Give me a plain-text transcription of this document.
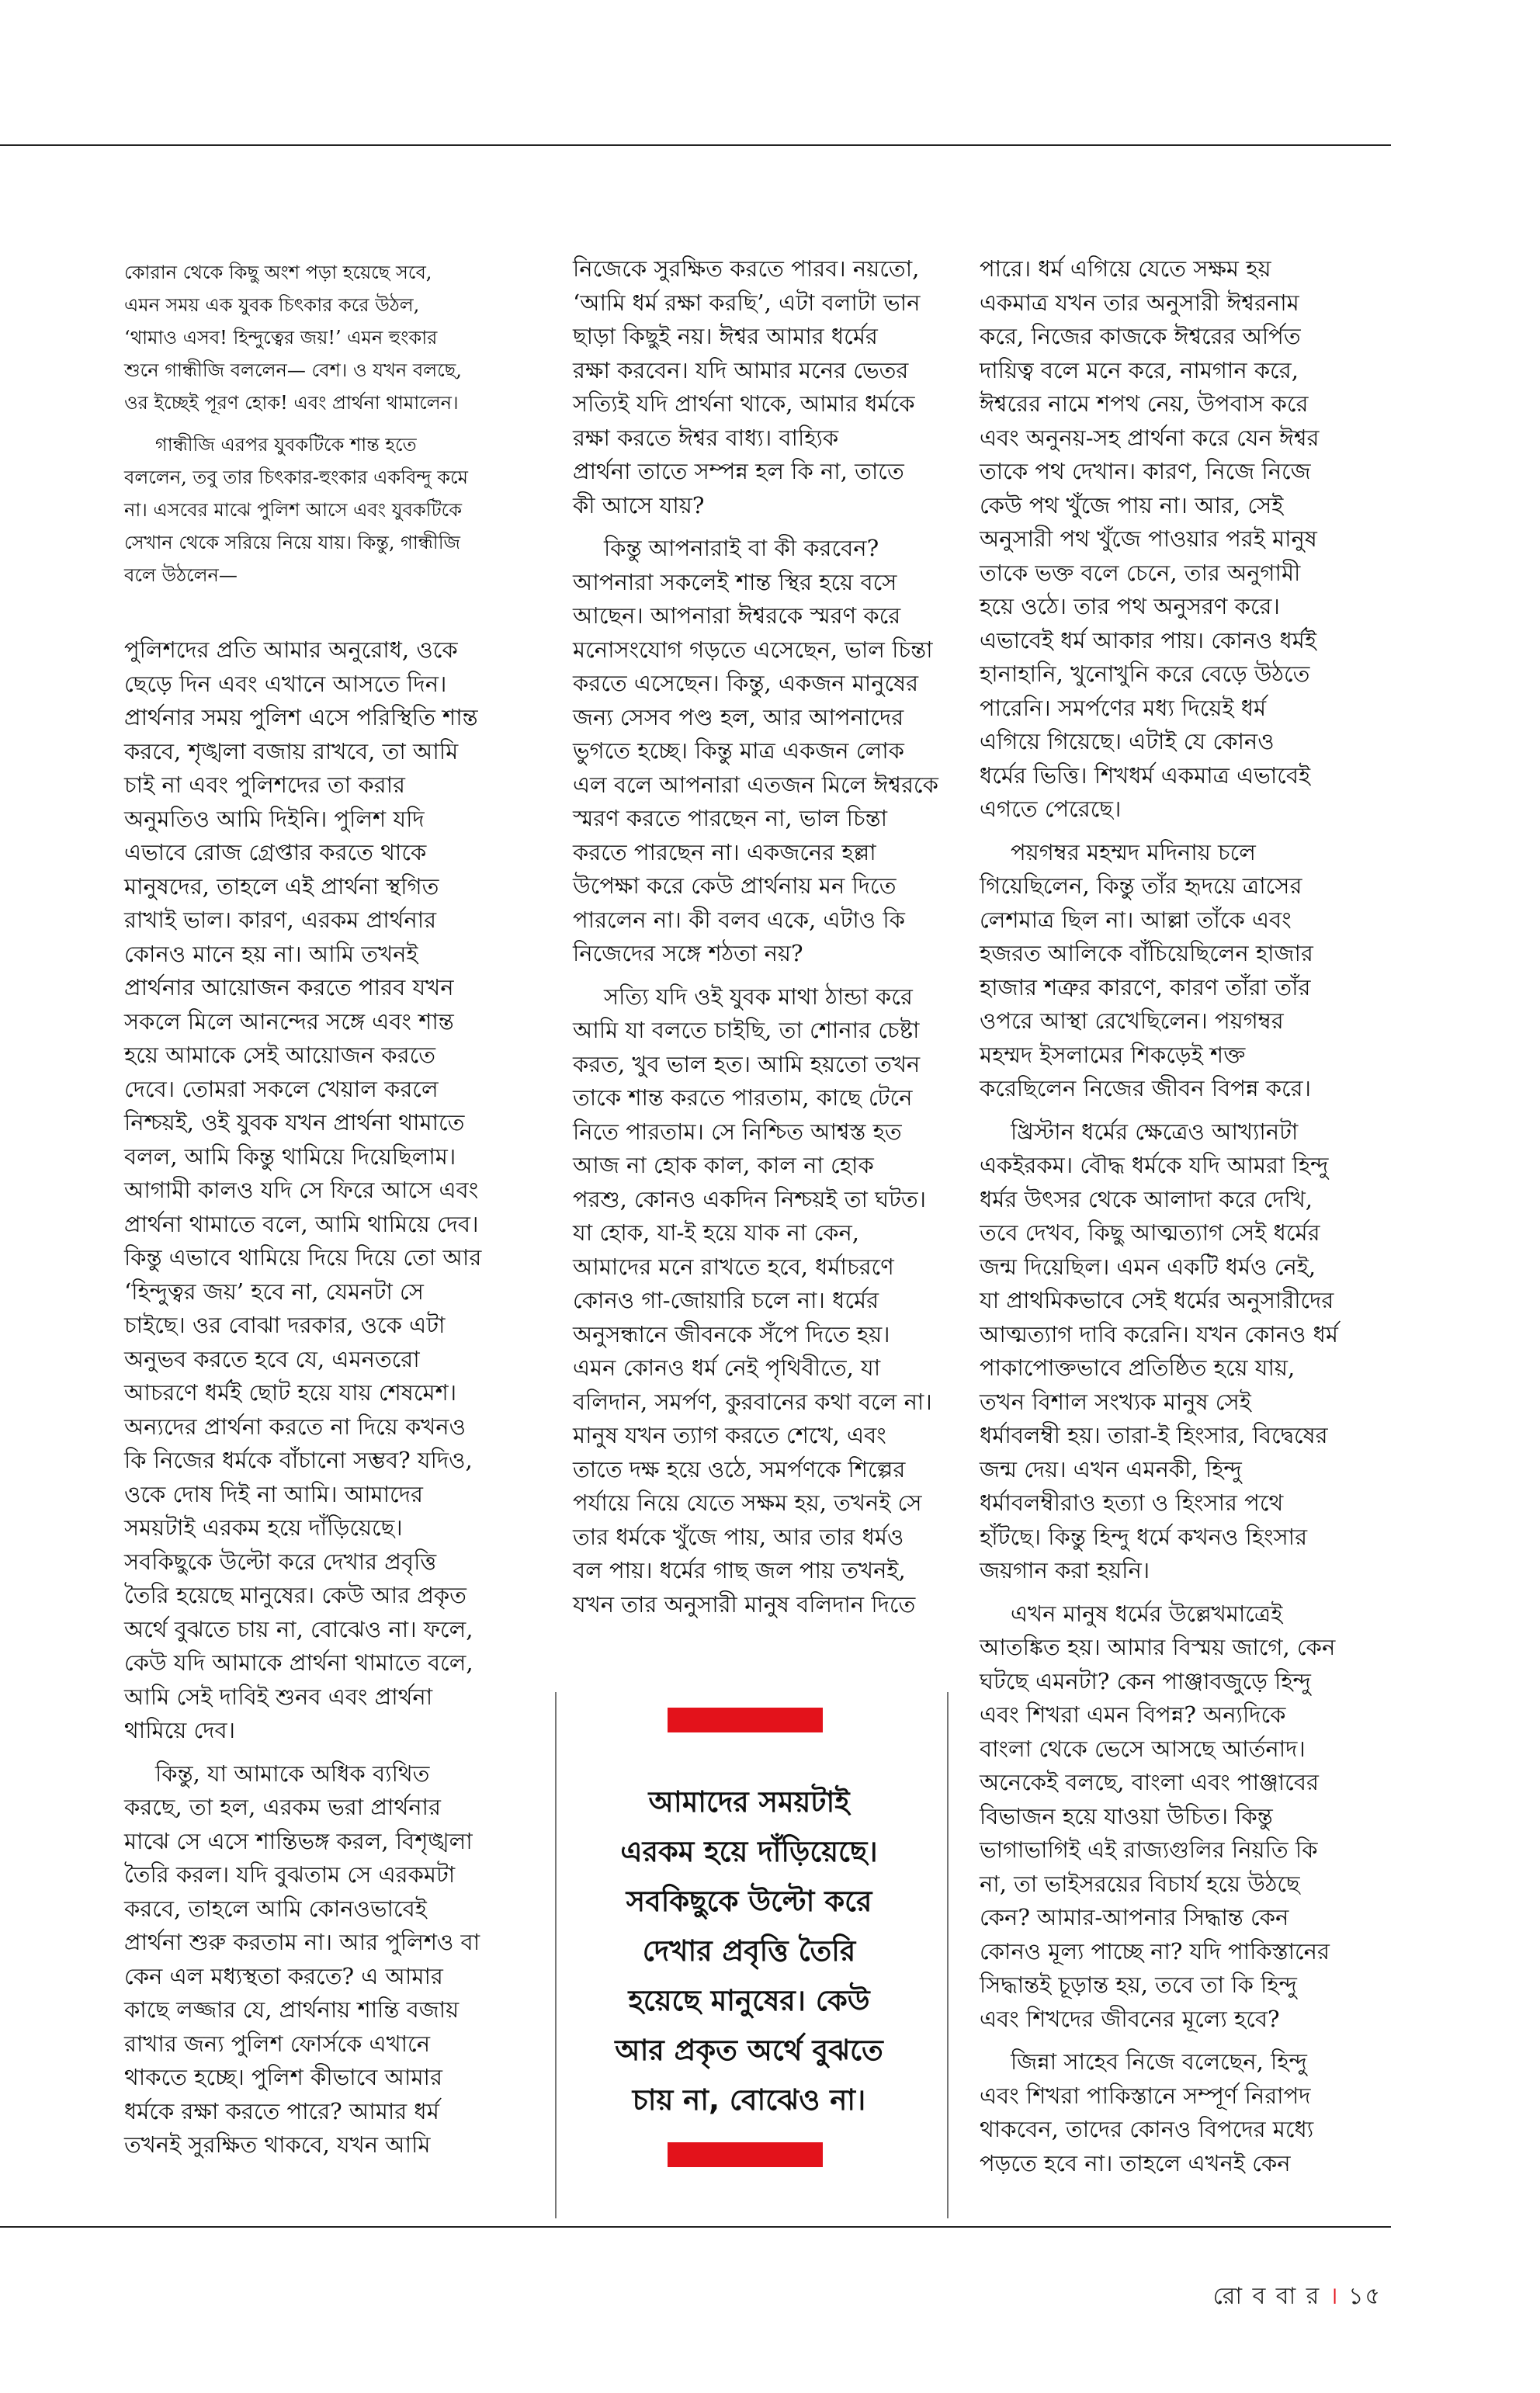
কোরান থেকে কিছু অংশ পড়া হয়েছে সবে,
এমন সময় এক যুবক চিৎকার করে উঠল,
‘থামাও এসব! হিন্দুত্বের জয়!’ এমন হুংকার
শুনে গান্ধীজি বললেন— বেশ। ও যখন বলছে,
ওর ইচ্ছেই পূরণ হোক! এবং প্রার্থনা থামালেন।

গান্ধীজি এরপর যুবকটিকে শান্ত হতে
বললেন, তবু তার চিৎকার-হুংকার একবিন্দু কমে
না। এসবের মাঝে পুলিশ আসে এবং যুবকটিকে
সেখান থেকে সরিয়ে নিয়ে যায়। কিন্তু, গান্ধীজি
বলে উঠলেন—

পুলিশদের প্রতি আমার অনুরোধ, ওকে
ছেড়ে দিন এবং এখানে আসতে দিন।
প্রার্থনার সময় পুলিশ এসে পরিস্থিতি শান্ত
করবে, শৃঙ্খলা বজায় রাখবে, তা আমি
চাই না এবং পুলিশদের তা করার
অনুমতিও আমি দিইনি। পুলিশ যদি
এভাবে রোজ গ্রেপ্তার করতে থাকে
মানুষদের, তাহলে এই প্রার্থনা স্থগিত
রাখাই ভাল। কারণ, এরকম প্রার্থনার
কোনও মানে হয় না। আমি তখনই
প্রার্থনার আয়োজন করতে পারব যখন
সকলে মিলে আনন্দের সঙ্গে এবং শান্ত
হয়ে আমাকে সেই আয়োজন করতে
দেবে। তোমরা সকলে খেয়াল করলে
নিশ্চয়ই, ওই যুবক যখন প্রার্থনা থামাতে
বলল, আমি কিন্তু থামিয়ে দিয়েছিলাম।
আগামী কালও যদি সে ফিরে আসে এবং
প্রার্থনা থামাতে বলে, আমি থামিয়ে দেব।
কিন্তু এভাবে থামিয়ে দিয়ে দিয়ে তো আর
‘হিন্দুত্বর জয়’ হবে না, যেমনটা সে
চাইছে। ওর বোঝা দরকার, ওকে এটা
অনুভব করতে হবে যে, এমনতরো
আচরণে ধর্মই ছোট হয়ে যায় শেষমেশ।
অন্যদের প্রার্থনা করতে না দিয়ে কখনও
কি নিজের ধর্মকে বাঁচানো সম্ভব? যদিও,
ওকে দোষ দিই না আমি। আমাদের
সময়টাই এরকম হয়ে দাঁড়িয়েছে।
সবকিছুকে উল্টো করে দেখার প্রবৃত্তি
তৈরি হয়েছে মানুষের। কেউ আর প্রকৃত
অর্থে বুঝতে চায় না, বোঝেও না। ফলে,
কেউ যদি আমাকে প্রার্থনা থামাতে বলে,
আমি সেই দাবিই শুনব এবং প্রার্থনা
থামিয়ে দেব।

কিন্তু, যা আমাকে অধিক ব্যথিত
করছে, তা হল, এরকম ভরা প্রার্থনার
মাঝে সে এসে শান্তিভঙ্গ করল, বিশৃঙ্খলা
তৈরি করল। যদি বুঝতাম সে এরকমটা
করবে, তাহলে আমি কোনওভাবেই
প্রার্থনা শুরু করতাম না। আর পুলিশও বা
কেন এল মধ্যস্থতা করতে? এ আমার
কাছে লজ্জার যে, প্রার্থনায় শান্তি বজায়
রাখার জন্য পুলিশ ফোর্সকে এখানে
থাকতে হচ্ছে। পুলিশ কীভাবে আমার
ধর্মকে রক্ষা করতে পারে? আমার ধর্ম
তখনই সুরক্ষিত থাকবে, যখন আমি

নিজেকে সুরক্ষিত করতে পারব। নয়তো,
‘আমি ধর্ম রক্ষা করছি’, এটা বলাটা ভান
ছাড়া কিছুই নয়। ঈশ্বর আমার ধর্মের
রক্ষা করবেন। যদি আমার মনের ভেতর
সত্যিই যদি প্রার্থনা থাকে, আমার ধর্মকে
রক্ষা করতে ঈশ্বর বাধ্য। বাহ্যিক
প্রার্থনা তাতে সম্পন্ন হল কি না, তাতে
কী আসে যায়?

কিন্তু আপনারাই বা কী করবেন?
আপনারা সকলেই শান্ত স্থির হয়ে বসে
আছেন। আপনারা ঈশ্বরকে স্মরণ করে
মনোসংযোগ গড়তে এসেছেন, ভাল চিন্তা
করতে এসেছেন। কিন্তু, একজন মানুষের
জন্য সেসব পণ্ড হল, আর আপনাদের
ভুগতে হচ্ছে। কিন্তু মাত্র একজন লোক
এল বলে আপনারা এতজন মিলে ঈশ্বরকে
স্মরণ করতে পারছেন না, ভাল চিন্তা
করতে পারছেন না। একজনের হল্লা
উপেক্ষা করে কেউ প্রার্থনায় মন দিতে
পারলেন না। কী বলব একে, এটাও কি
নিজেদের সঙ্গে শঠতা নয়?

সত্যি যদি ওই যুবক মাথা ঠান্ডা করে
আমি যা বলতে চাইছি, তা শোনার চেষ্টা
করত, খুব ভাল হত। আমি হয়তো তখন
তাকে শান্ত করতে পারতাম, কাছে টেনে
নিতে পারতাম। সে নিশ্চিত আশ্বস্ত হত
আজ না হোক কাল, কাল না হোক
পরশু, কোনও একদিন নিশ্চয়ই তা ঘটত।
যা হোক, যা-ই হয়ে যাক না কেন,
আমাদের মনে রাখতে হবে, ধর্মাচরণে
কোনও গা-জোয়ারি চলে না। ধর্মের
অনুসন্ধানে জীবনকে সঁপে দিতে হয়।
এমন কোনও ধর্ম নেই পৃথিবীতে, যা
বলিদান, সমর্পণ, কুরবানের কথা বলে না।
মানুষ যখন ত্যাগ করতে শেখে, এবং
তাতে দক্ষ হয়ে ওঠে, সমর্পণকে শিল্পের
পর্যায়ে নিয়ে যেতে সক্ষম হয়, তখনই সে
তার ধর্মকে খুঁজে পায়, আর তার ধর্মও
বল পায়। ধর্মের গাছ জল পায় তখনই,
যখন তার অনুসারী মানুষ বলিদান দিতে

আমাদের সময়টাই
এরকম হয়ে দাঁড়িয়েছে।
সবকিছুকে উল্টো করে
দেখার প্রবৃত্তি তৈরি
হয়েছে মানুষের। কেউ
আর প্রকৃত অর্থে বুঝতে
চায় না, বোঝেও না।

পারে। ধর্ম এগিয়ে যেতে সক্ষম হয়
একমাত্র যখন তার অনুসারী ঈশ্বরনাম
করে, নিজের কাজকে ঈশ্বরের অর্পিত
দায়িত্ব বলে মনে করে, নামগান করে,
ঈশ্বরের নামে শপথ নেয়, উপবাস করে
এবং অনুনয়-সহ প্রার্থনা করে যেন ঈশ্বর
তাকে পথ দেখান। কারণ, নিজে নিজে
কেউ পথ খুঁজে পায় না। আর, সেই
অনুসারী পথ খুঁজে পাওয়ার পরই মানুষ
তাকে ভক্ত বলে চেনে, তার অনুগামী
হয়ে ওঠে। তার পথ অনুসরণ করে।
এভাবেই ধর্ম আকার পায়। কোনও ধর্মই
হানাহানি, খুনোখুনি করে বেড়ে উঠতে
পারেনি। সমর্পণের মধ্য দিয়েই ধর্ম
এগিয়ে গিয়েছে। এটাই যে কোনও
ধর্মের ভিত্তি। শিখধর্ম একমাত্র এভাবেই
এগতে পেরেছে।

পয়গম্বর মহম্মদ মদিনায় চলে
গিয়েছিলেন, কিন্তু তাঁর হৃদয়ে ত্রাসের
লেশমাত্র ছিল না। আল্লা তাঁকে এবং
হজরত আলিকে বাঁচিয়েছিলেন হাজার
হাজার শত্রুর কারণে, কারণ তাঁরা তাঁর
ওপরে আস্থা রেখেছিলেন। পয়গম্বর
মহম্মদ ইসলামের শিকড়েই শক্ত
করেছিলেন নিজের জীবন বিপন্ন করে।

খ্রিস্টান ধর্মের ক্ষেত্রেও আখ্যানটা
একইরকম। বৌদ্ধ ধর্মকে যদি আমরা হিন্দু
ধর্মর উৎসর থেকে আলাদা করে দেখি,
তবে দেখব, কিছু আত্মত্যাগ সেই ধর্মের
জন্ম দিয়েছিল। এমন একটি ধর্মও নেই,
যা প্রাথমিকভাবে সেই ধর্মের অনুসারীদের
আত্মত্যাগ দাবি করেনি। যখন কোনও ধর্ম
পাকাপোক্তভাবে প্রতিষ্ঠিত হয়ে যায়,
তখন বিশাল সংখ্যক মানুষ সেই
ধর্মাবলম্বী হয়। তারা-ই হিংসার, বিদ্বেষের
জন্ম দেয়। এখন এমনকী, হিন্দু
ধর্মাবলম্বীরাও হত্যা ও হিংসার পথে
হাঁটছে। কিন্তু হিন্দু ধর্মে কখনও হিংসার
জয়গান করা হয়নি।

এখন মানুষ ধর্মের উল্লেখমাত্রেই
আতঙ্কিত হয়। আমার বিস্ময় জাগে, কেন
ঘটছে এমনটা? কেন পাঞ্জাবজুড়ে হিন্দু
এবং শিখরা এমন বিপন্ন? অন্যদিকে
বাংলা থেকে ভেসে আসছে আর্তনাদ।
অনেকেই বলছে, বাংলা এবং পাঞ্জাবের
বিভাজন হয়ে যাওয়া উচিত। কিন্তু
ভাগাভাগিই এই রাজ্যগুলির নিয়তি কি
না, তা ভাইসরয়ের বিচার্য হয়ে উঠছে
কেন? আমার-আপনার সিদ্ধান্ত কেন
কোনও মূল্য পাচ্ছে না? যদি পাকিস্তানের
সিদ্ধান্তই চূড়ান্ত হয়, তবে তা কি হিন্দু
এবং শিখদের জীবনের মূল্যে হবে?

জিন্না সাহেব নিজে বলেছেন, হিন্দু
এবং শিখরা পাকিস্তানে সম্পূর্ণ নিরাপদ
থাকবেন, তাদের কোনও বিপদের মধ্যে
পড়তে হবে না। তাহলে এখনই কেন

রো ব বা র । ১৫
